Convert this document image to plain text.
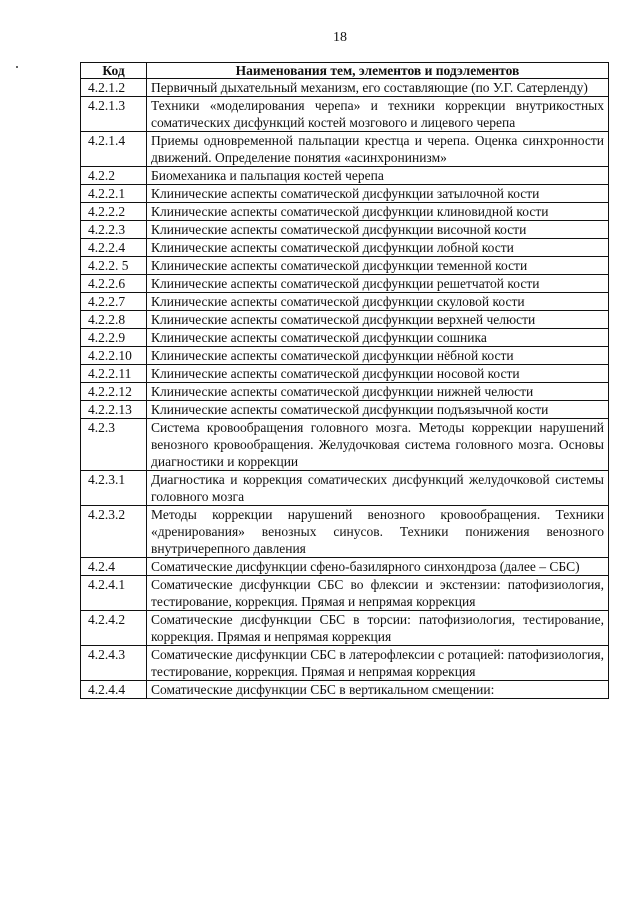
18
Код	Наименования тем, элементов и подэлементов
4.2.1.2	Первичный дыхательный механизм, его составляющие (по У.Г. Сатерленду)
4.2.1.3	Техники «моделирования черепа» и техники коррекции внутрикостных соматических дисфункций костей мозгового и лицевого черепа
4.2.1.4	Приемы одновременной пальпации крестца и черепа. Оценка синхронности движений. Определение понятия «асинхронинизм»
4.2.2	Биомеханика и пальпация костей черепа
4.2.2.1	Клинические аспекты соматической дисфункции затылочной кости
4.2.2.2	Клинические аспекты соматической дисфункции клиновидной кости
4.2.2.3	Клинические аспекты соматической дисфункции височной кости
4.2.2.4	Клинические аспекты соматической дисфункции лобной кости
4.2.2. 5	Клинические аспекты соматической дисфункции теменной кости
4.2.2.6	Клинические аспекты соматической дисфункции решетчатой кости
4.2.2.7	Клинические аспекты соматической дисфункции скуловой кости
4.2.2.8	Клинические аспекты соматической дисфункции верхней челюсти
4.2.2.9	Клинические аспекты соматической дисфункции сошника
4.2.2.10	Клинические аспекты соматической дисфункции нёбной кости
4.2.2.11	Клинические аспекты соматической дисфункции носовой кости
4.2.2.12	Клинические аспекты соматической дисфункции нижней челюсти
4.2.2.13	Клинические аспекты соматической дисфункции подъязычной кости
4.2.3	Система кровообращения головного мозга. Методы коррекции нарушений венозного кровообращения. Желудочковая система головного мозга. Основы диагностики и коррекции
4.2.3.1	Диагностика и коррекция соматических дисфункций желудочковой системы головного мозга
4.2.3.2	Методы коррекции нарушений венозного кровообращения. Техники «дренирования» венозных синусов. Техники понижения венозного внутричерепного давления
4.2.4	Соматические дисфункции сфено-базилярного синхондроза (далее – СБС)
4.2.4.1	Соматические дисфункции СБС во флексии и экстензии: патофизиология, тестирование, коррекция. Прямая и непрямая коррекция
4.2.4.2	Соматические дисфункции СБС в торсии: патофизиология, тестирование, коррекция. Прямая и непрямая коррекция
4.2.4.3	Соматические дисфункции СБС в латерофлексии с ротацией: патофизиология, тестирование, коррекция. Прямая и непрямая коррекция
4.2.4.4	Соматические дисфункции СБС в вертикальном смещении:
